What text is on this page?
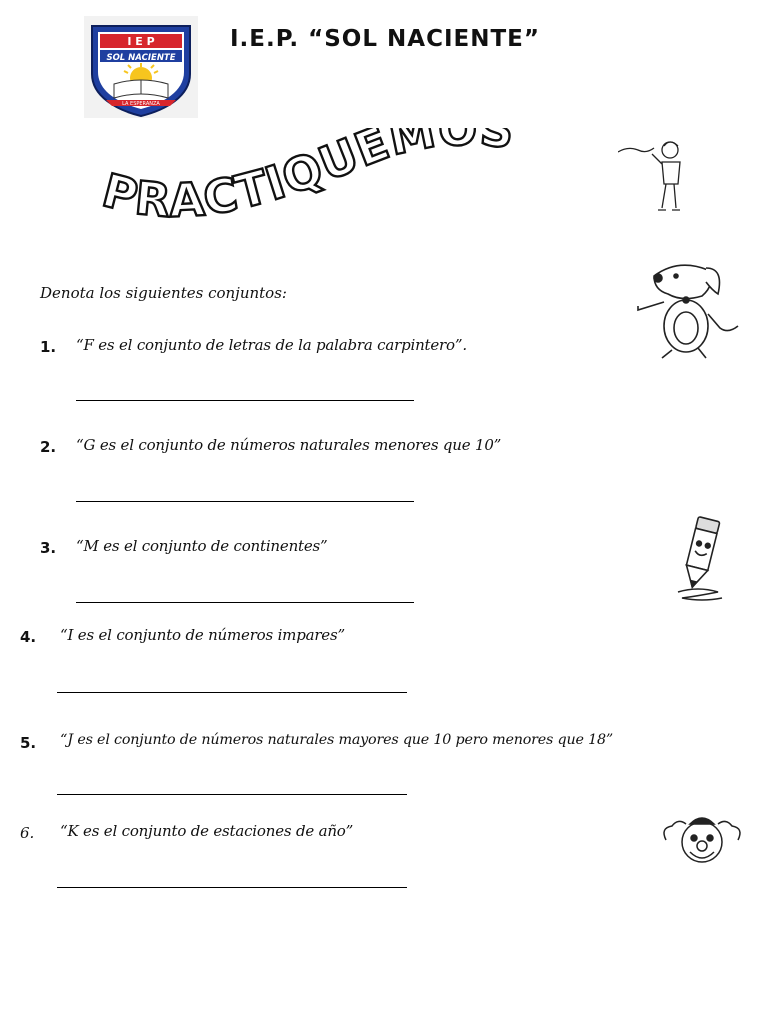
I E P
SOL NACIENTE
LA ESPERANZA
I.E.P. “SOL NACIENTE”
PRACTIQUEMOS
Denota los siguientes conjuntos:
1. “F es el conjunto de letras de la palabra carpintero”.
2. “G es el conjunto de números naturales menores que 10”
3. “M es el conjunto de continentes”
4. “I es el conjunto de números impares”
5. “J es el conjunto de números naturales mayores que 10 pero menores que 18”
6. “K es el conjunto de estaciones de año”
